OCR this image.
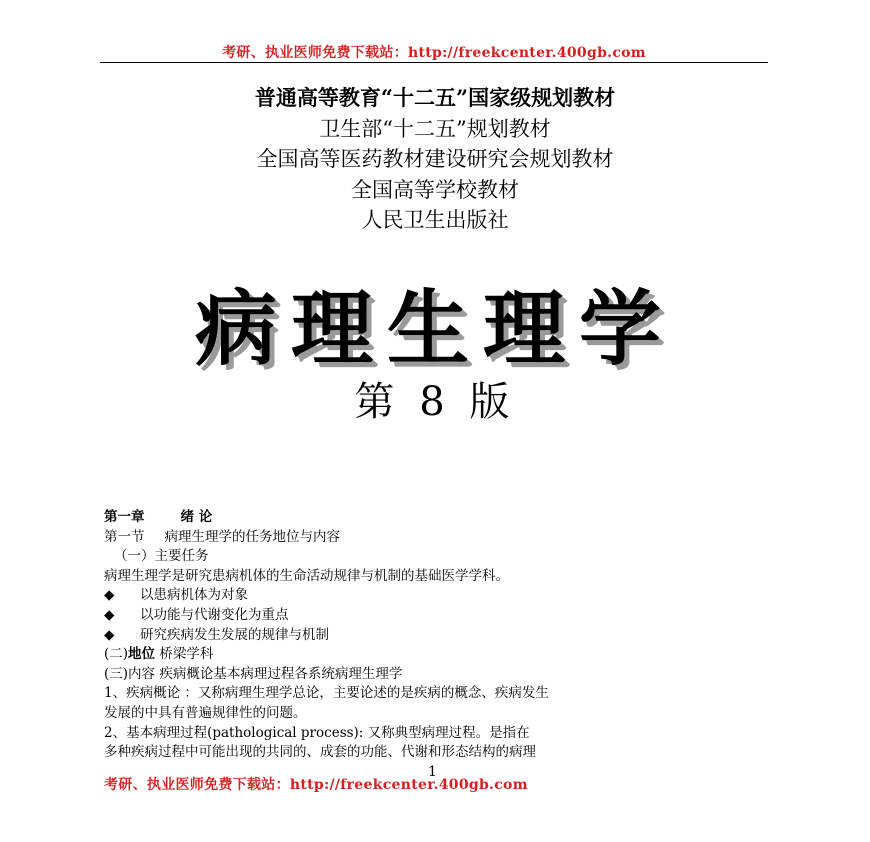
考研、执业医师免费下载站：http://freekcenter.400gb.com
普通高等教育“十二五”国家级规划教材
卫生部“十二五”规划教材
全国高等医药教材建设研究会规划教材
全国高等学校教材
人民卫生出版社
病理生理学
第 8 版
第一章	绪 论
第一节 病理生理学的任务地位与内容
（一）主要任务
病理生理学是研究患病机体的生命活动规律与机制的基础医学学科。
◆ 以患病机体为对象
◆ 以功能与代谢变化为重点
◆ 研究疾病发生发展的规律与机制
(二)地位 桥梁学科
(三)内容 疾病概论基本病理过程各系统病理生理学
1、疾病概论 ：又称病理生理学总论，主要论述的是疾病的概念、疾病发生
发展的中具有普遍规律性的问题。
2、基本病理过程(pathological process): 又称典型病理过程。是指在
多种疾病过程中可能出现的共同的、成套的功能、代谢和形态结构的病理
1
考研、执业医师免费下载站：http://freekcenter.400gb.com
